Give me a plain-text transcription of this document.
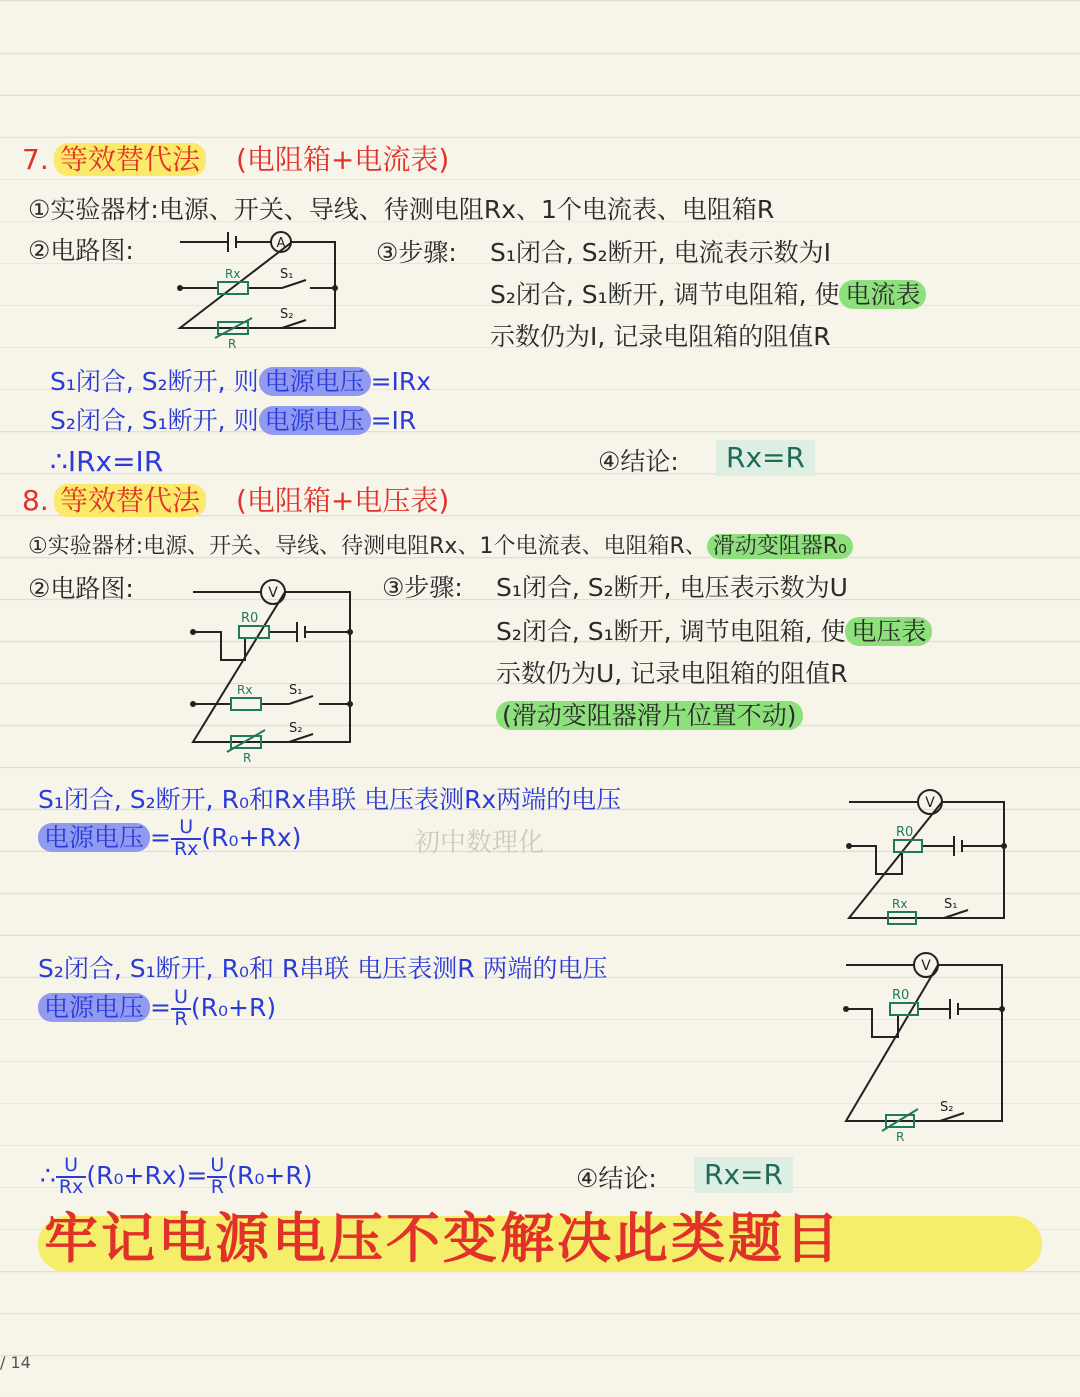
7. 等效替代法 (电阻箱+电流表)
①实验器材:电源、开关、导线、待测电阻Rx、1个电流表、电阻箱R
②电路图:	A
Rx	S₁
S₂
R
③步骤: S₁闭合, S₂断开, 电流表示数为I
S₂闭合, S₁断开, 调节电阻箱, 使 电流表
示数仍为I, 记录电阻箱的阻值R
S₁闭合, S₂断开, 则 电源电压 =IRx
S₂闭合, S₁断开, 则 电源电压 =IR
∴IRx=IR	④结论:	Rx=R
8. 等效替代法 (电阻箱+电压表)
①实验器材:电源、开关、导线、待测电阻Rx、1个电流表、电阻箱R、 滑动变阻器R₀
②电路图:	V
R0
Rx	S₁
S₂
R
③步骤: S₁闭合, S₂断开, 电压表示数为U
S₂闭合, S₁断开, 调节电阻箱, 使 电压表
示数仍为U, 记录电阻箱的阻值R
(滑动变阻器滑片位置不动)
初中数理化
S₁闭合, S₂断开, R₀和Rx串联 电压表测Rx两端的电压
电源电压 = $\frac{U}{Rx} (R_0+Rx)$
V
R0
Rx	S₁
S₂闭合, S₁断开, R₀和 R串联 电压表测R 两端的电压
电源电压 = $\frac{U}{R} (R_0+R)$
V
R0
S₂
R
∴ $\frac{U}{Rx} (R_0+Rx)= \frac{U}{R} (R_0+R)$	④结论:	Rx=R
牢记电源电压不变解决此类题目
/ 14
